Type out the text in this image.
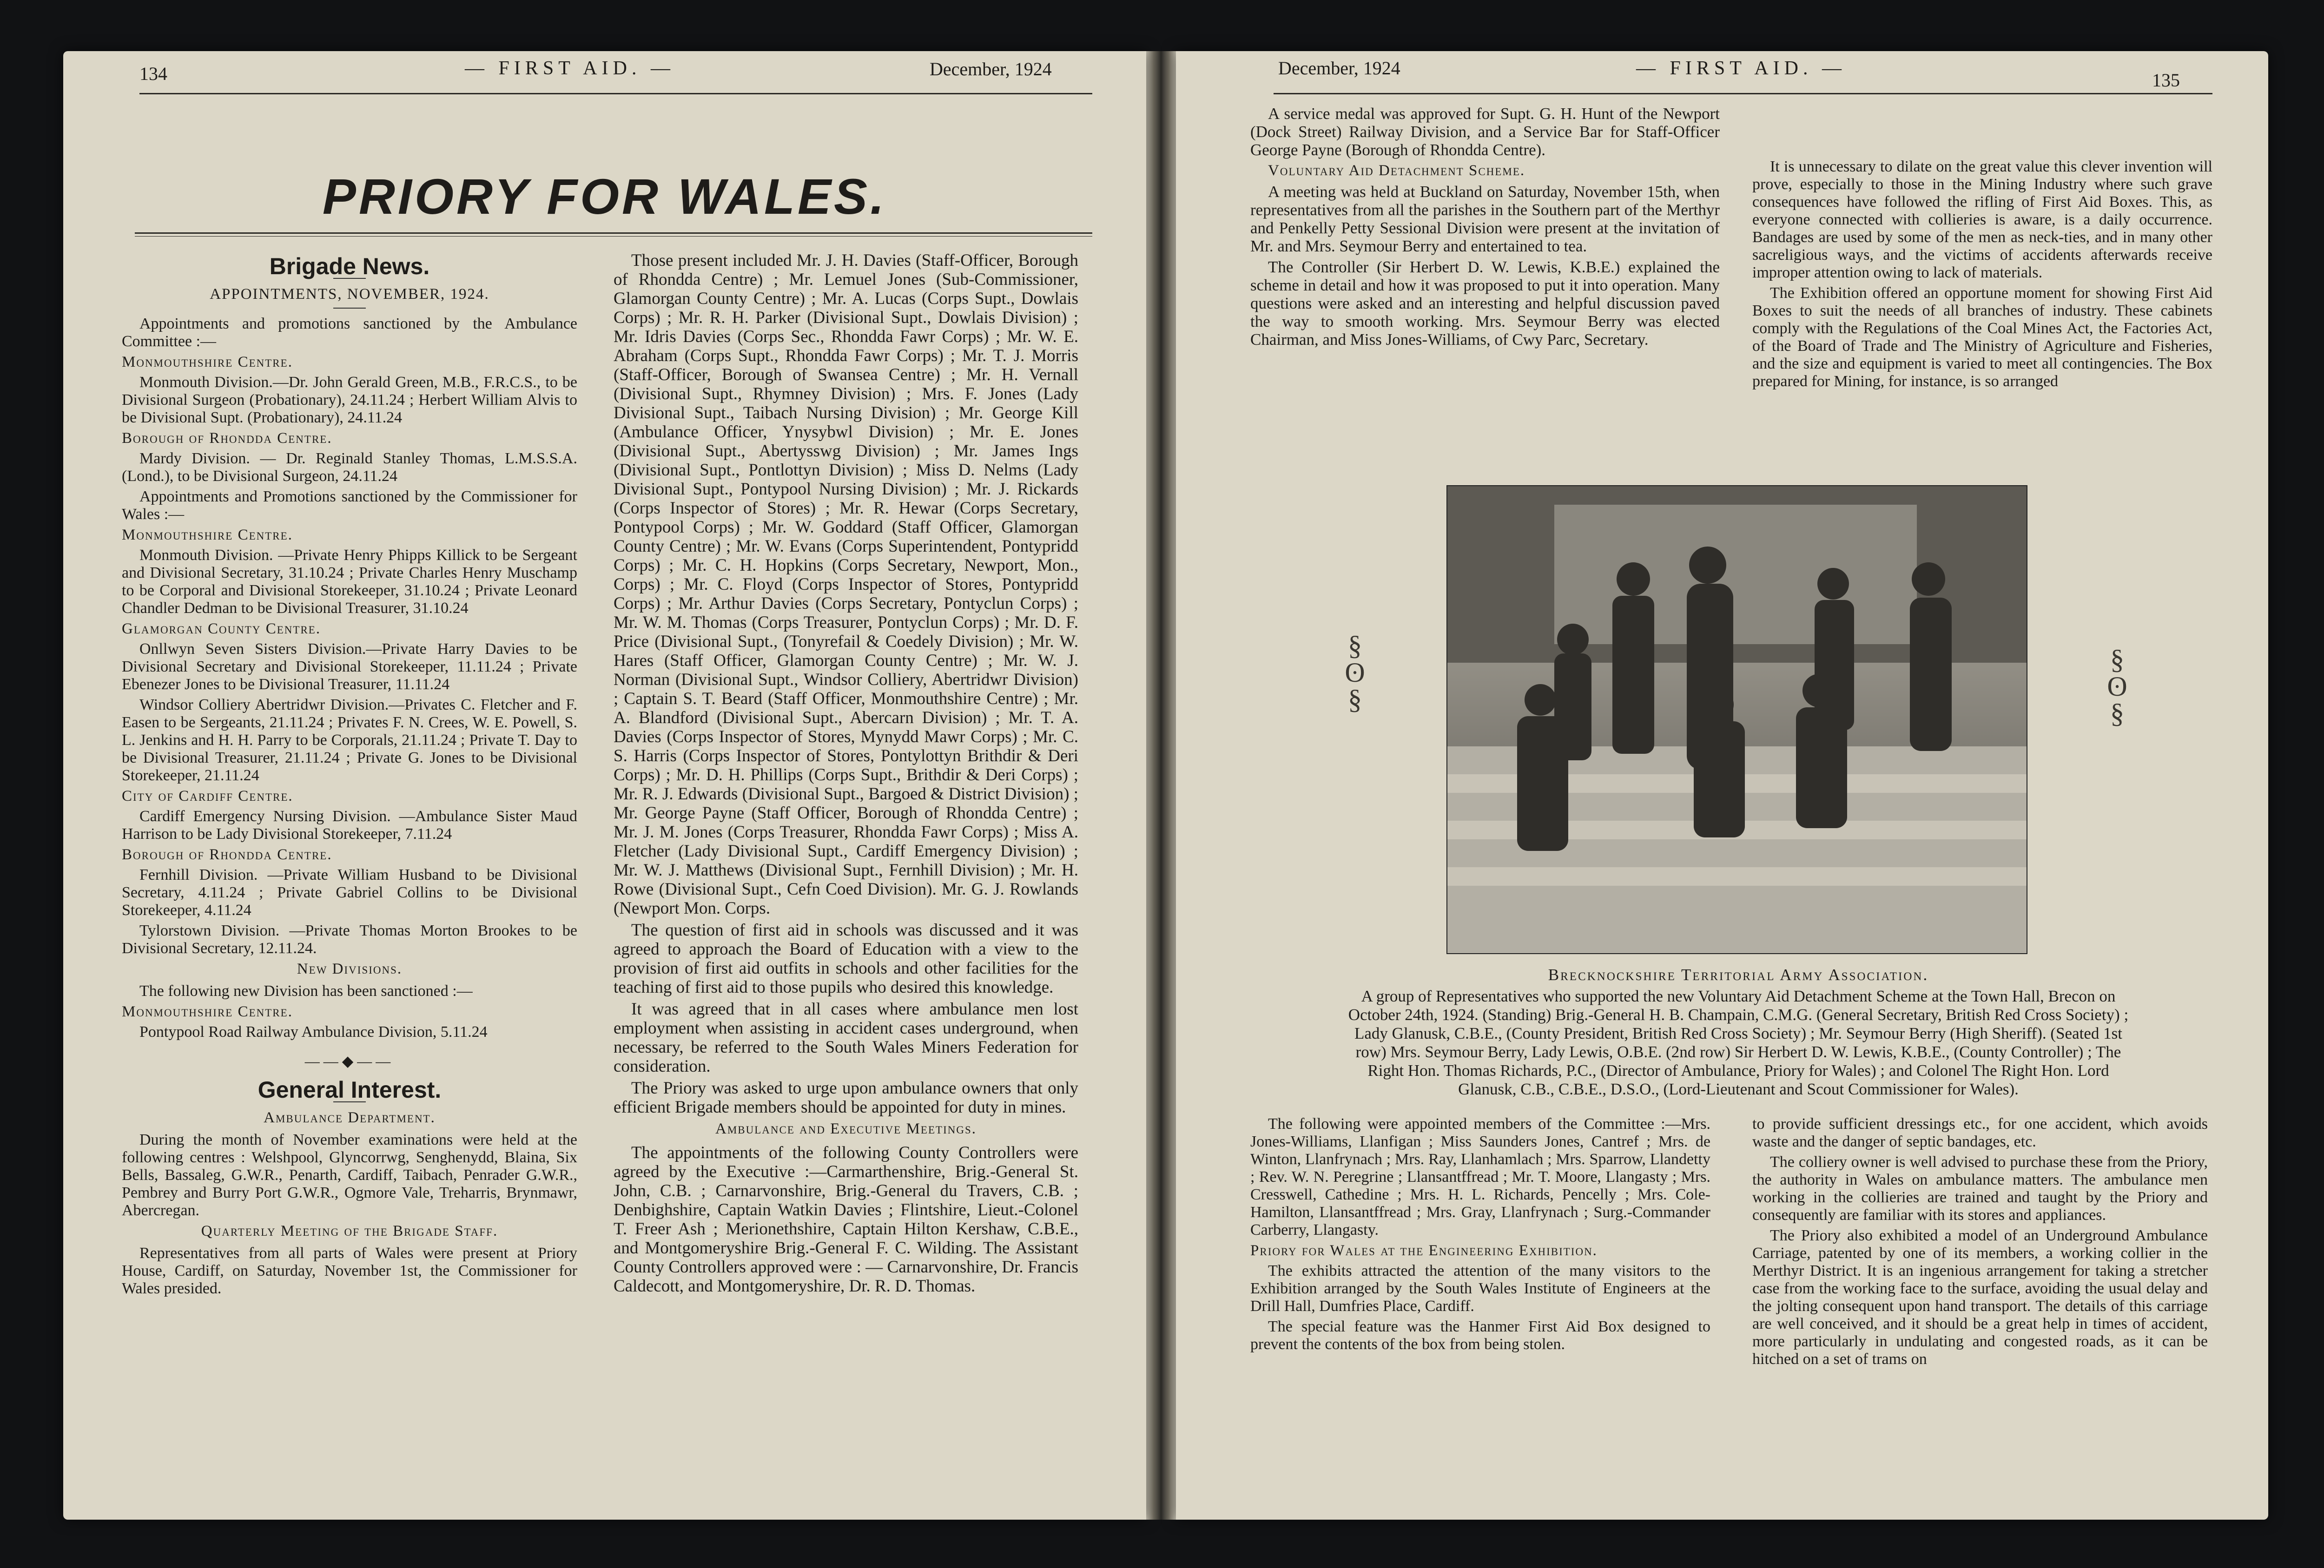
134	— FIRST AID. —	December, 1924
PRIORY FOR WALES.
Brigade News.
APPOINTMENTS, NOVEMBER, 1924.

Appointments and promotions sanctioned by the Ambulance Committee :—

Monmouthshire Centre.

Monmouth Division.—Dr. John Gerald Green, M.B., F.R.C.S., to be Divisional Surgeon (Probationary), 24.11.24 ; Herbert William Alvis to be Divisional Supt. (Probationary), 24.11.24

Borough of Rhondda Centre.

Mardy Division. — Dr. Reginald Stanley Thomas, L.M.S.S.A. (Lond.), to be Divisional Surgeon, 24.11.24

Appointments and Promotions sanctioned by the Commissioner for Wales :—

Monmouthshire Centre.

Monmouth Division. —Private Henry Phipps Killick to be Sergeant and Divisional Secretary, 31.10.24 ; Private Charles Henry Muschamp to be Corporal and Divisional Storekeeper, 31.10.24 ; Private Leonard Chandler Dedman to be Divisional Treasurer, 31.10.24

Glamorgan County Centre.

Onllwyn Seven Sisters Division.—Private Harry Davies to be Divisional Secretary and Divisional Storekeeper, 11.11.24 ; Private Ebenezer Jones to be Divisional Treasurer, 11.11.24

Windsor Colliery Abertridwr Division.—Privates C. Fletcher and F. Easen to be Sergeants, 21.11.24 ; Privates F. N. Crees, W. E. Powell, S. L. Jenkins and H. H. Parry to be Corporals, 21.11.24 ; Private T. Day to be Divisional Treasurer, 21.11.24 ; Private G. Jones to be Divisional Storekeeper, 21.11.24

City of Cardiff Centre.

Cardiff Emergency Nursing Division. —Ambulance Sister Maud Harrison to be Lady Divisional Storekeeper, 7.11.24

Borough of Rhondda Centre.

Fernhill Division. —Private William Husband to be Divisional Secretary, 4.11.24 ; Private Gabriel Collins to be Divisional Storekeeper, 4.11.24

Tylorstown Division. —Private Thomas Morton Brookes to be Divisional Secretary, 12.11.24.

New Divisions.

The following new Division has been sanctioned :—

Monmouthshire Centre.

Pontypool Road Railway Ambulance Division, 5.11.24

——◆——
General Interest.
Ambulance Department.

During the month of November examinations were held at the following centres : Welshpool, Glyncorrwg, Senghenydd, Blaina, Six Bells, Bassaleg, G.W.R., Penarth, Cardiff, Taibach, Penrader G.W.R., Pembrey and Burry Port G.W.R., Ogmore Vale, Treharris, Brynmawr, Abercregan.

Quarterly Meeting of the Brigade Staff.

Representatives from all parts of Wales were present at Priory House, Cardiff, on Saturday, November 1st, the Commissioner for Wales presided.

Those present included Mr. J. H. Davies (Staff-Officer, Borough of Rhondda Centre) ; Mr. Lemuel Jones (Sub-Commissioner, Glamorgan County Centre) ; Mr. A. Lucas (Corps Supt., Dowlais Corps) ; Mr. R. H. Parker (Divisional Supt., Dowlais Division) ; Mr. Idris Davies (Corps Sec., Rhondda Fawr Corps) ; Mr. W. E. Abraham (Corps Supt., Rhondda Fawr Corps) ; Mr. T. J. Morris (Staff-Officer, Borough of Swansea Centre) ; Mr. H. Vernall (Divisional Supt., Rhymney Division) ; Mrs. F. Jones (Lady Divisional Supt., Taibach Nursing Division) ; Mr. George Kill (Ambulance Officer, Ynysybwl Division) ; Mr. E. Jones (Divisional Supt., Abertysswg Division) ; Mr. James Ings (Divisional Supt., Pontlottyn Division) ; Miss D. Nelms (Lady Divisional Supt., Pontypool Nursing Division) ; Mr. J. Rickards (Corps Inspector of Stores) ; Mr. R. Hewar (Corps Secretary, Pontypool Corps) ; Mr. W. Goddard (Staff Officer, Glamorgan County Centre) ; Mr. W. Evans (Corps Superintendent, Pontypridd Corps) ; Mr. C. H. Hopkins (Corps Secretary, Newport, Mon., Corps) ; Mr. C. Floyd (Corps Inspector of Stores, Pontypridd Corps) ; Mr. Arthur Davies (Corps Secretary, Pontyclun Corps) ; Mr. W. M. Thomas (Corps Treasurer, Pontyclun Corps) ; Mr. D. F. Price (Divisional Supt., (Tonyrefail & Coedely Division) ; Mr. W. Hares (Staff Officer, Glamorgan County Centre) ; Mr. W. J. Norman (Divisional Supt., Windsor Colliery, Abertridwr Division) ; Captain S. T. Beard (Staff Officer, Monmouthshire Centre) ; Mr. A. Blandford (Divisional Supt., Abercarn Division) ; Mr. T. A. Davies (Corps Inspector of Stores, Mynydd Mawr Corps) ; Mr. C. S. Harris (Corps Inspector of Stores, Pontylottyn Brithdir & Deri Corps) ; Mr. D. H. Phillips (Corps Supt., Brithdir & Deri Corps) ; Mr. R. J. Edwards (Divisional Supt., Bargoed & District Division) ; Mr. George Payne (Staff Officer, Borough of Rhondda Centre) ; Mr. J. M. Jones (Corps Treasurer, Rhondda Fawr Corps) ; Miss A. Fletcher (Lady Divisional Supt., Cardiff Emergency Division) ; Mr. W. J. Matthews (Divisional Supt., Fernhill Division) ; Mr. H. Rowe (Divisional Supt., Cefn Coed Division). Mr. G. J. Rowlands (Newport Mon. Corps.

The question of first aid in schools was discussed and it was agreed to approach the Board of Education with a view to the provision of first aid outfits in schools and other facilities for the teaching of first aid to those pupils who desired this knowledge.

It was agreed that in all cases where ambulance men lost employment when assisting in accident cases underground, when necessary, be referred to the South Wales Miners Federation for consideration.

The Priory was asked to urge upon ambulance owners that only efficient Brigade members should be appointed for duty in mines.

Ambulance and Executive Meetings.

The appointments of the following County Controllers were agreed by the Executive :—Carmarthenshire, Brig.-General St. John, C.B. ; Carnarvonshire, Brig.-General du Travers, C.B. ; Denbighshire, Captain Watkin Davies ; Flintshire, Lieut.-Colonel T. Freer Ash ; Merionethshire, Captain Hilton Kershaw, C.B.E., and Montgomeryshire Brig.-General F. C. Wilding. The Assistant County Controllers approved were : — Carnarvonshire, Dr. Francis Caldecott, and Montgomeryshire, Dr. R. D. Thomas.

December, 1924	— FIRST AID. —
135

A service medal was approved for Supt. G. H. Hunt of the Newport (Dock Street) Railway Division, and a Service Bar for Staff-Officer George Payne (Borough of Rhondda Centre).

Voluntary Aid Detachment Scheme.

A meeting was held at Buckland on Saturday, November 15th, when representatives from all the parishes in the Southern part of the Merthyr and Penkelly Petty Sessional Division were present at the invitation of Mr. and Mrs. Seymour Berry and entertained to tea.

The Controller (Sir Herbert D. W. Lewis, K.B.E.) explained the scheme in detail and how it was proposed to put it into operation. Many questions were asked and an interesting and helpful discussion paved the way to smooth working. Mrs. Seymour Berry was elected Chairman, and Miss Jones-Williams, of Cwy Parc, Secretary.

It is unnecessary to dilate on the great value this clever invention will prove, especially to those in the Mining Industry where such grave consequences have followed the rifling of First Aid Boxes. This, as everyone connected with collieries is aware, is a daily occurrence. Bandages are used by some of the men as neck-ties, and in many other sacreligious ways, and the victims of accidents afterwards receive improper attention owing to lack of materials.

The Exhibition offered an opportune moment for showing First Aid Boxes to suit the needs of all branches of industry. These cabinets comply with the Regulations of the Coal Mines Act, the Factories Act, of the Board of Trade and The Ministry of Agriculture and Fisheries, and the size and equipment is varied to meet all contingencies. The Box prepared for Mining, for instance, is so arranged

§
ʘ
§
§
ʘ
§
Brecknockshire Territorial Army Association.
A group of Representatives who supported the new Voluntary Aid Detachment Scheme at the Town Hall, Brecon on October 24th, 1924. (Standing) Brig.-General H. B. Champain, C.M.G. (General Secretary, British Red Cross Society) ; Lady Glanusk, C.B.E., (County President, British Red Cross Society) ; Mr. Seymour Berry (High Sheriff). (Seated 1st row) Mrs. Seymour Berry, Lady Lewis, O.B.E. (2nd row) Sir Herbert D. W. Lewis, K.B.E., (County Controller) ; The Right Hon. Thomas Richards, P.C., (Director of Ambulance, Priory for Wales) ; and Colonel The Right Hon. Lord Glanusk, C.B., C.B.E., D.S.O., (Lord-Lieutenant and Scout Commissioner for Wales).

The following were appointed members of the Committee :—Mrs. Jones-Williams, Llanfigan ; Miss Saunders Jones, Cantref ; Mrs. de Winton, Llanfrynach ; Mrs. Ray, Llanhamlach ; Mrs. Sparrow, Llandetty ; Rev. W. N. Peregrine ; Llansantffread ; Mr. T. Moore, Llangasty ; Mrs. Cresswell, Cathedine ; Mrs. H. L. Richards, Pencelly ; Mrs. Cole-Hamilton, Llansantffread ; Mrs. Gray, Llanfrynach ; Surg.-Commander Carberry, Llangasty.

Priory for Wales at the Engineering Exhibition.

The exhibits attracted the attention of the many visitors to the Exhibition arranged by the South Wales Institute of Engineers at the Drill Hall, Dumfries Place, Cardiff.

The special feature was the Hanmer First Aid Box designed to prevent the contents of the box from being stolen.

to provide sufficient dressings etc., for one accident, which avoids waste and the danger of septic bandages, etc.

The colliery owner is well advised to purchase these from the Priory, the authority in Wales on ambulance matters. The ambulance men working in the collieries are trained and taught by the Priory and consequently are familiar with its stores and appliances.

The Priory also exhibited a model of an Underground Ambulance Carriage, patented by one of its members, a working collier in the Merthyr District. It is an ingenious arrangement for taking a stretcher case from the working face to the surface, avoiding the usual delay and the jolting consequent upon hand transport. The details of this carriage are well conceived, and it should be a great help in times of accident, more particularly in undulating and congested roads, as it can be hitched on a set of trams on
